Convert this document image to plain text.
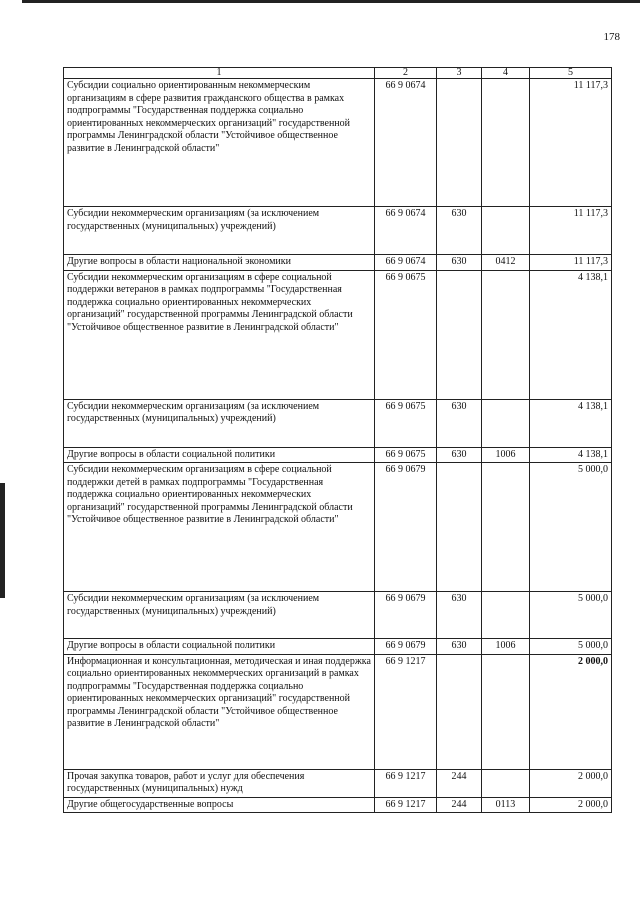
178
1	2	3	4	5
Субсидии социально ориентированным некоммерческим организациям в сфере развития гражданского общества в рамках подпрограммы "Государственная поддержка социально ориентированных некоммерческих организаций" государственной программы Ленинградской области "Устойчивое общественное развитие в Ленинградской области"	66 9 0674			11 117,3
Субсидии некоммерческим организациям (за исключением государственных (муниципальных) учреждений)	66 9 0674	630		11 117,3
Другие вопросы в области национальной экономики	66 9 0674	630	0412	11 117,3
Субсидии некоммерческим организациям в сфере социальной поддержки ветеранов в рамках подпрограммы "Государственная поддержка социально ориентированных некоммерческих организаций" государственной программы Ленинградской области "Устойчивое общественное развитие в Ленинградской области"	66 9 0675			4 138,1
Субсидии некоммерческим организациям (за исключением государственных (муниципальных) учреждений)	66 9 0675	630		4 138,1
Другие вопросы в области социальной политики	66 9 0675	630	1006	4 138,1
Субсидии некоммерческим организациям в сфере социальной поддержки детей в рамках подпрограммы "Государственная поддержка социально ориентированных некоммерческих организаций" государственной программы Ленинградской области "Устойчивое общественное развитие в Ленинградской области"	66 9 0679			5 000,0
Субсидии некоммерческим организациям (за исключением государственных (муниципальных) учреждений)	66 9 0679	630		5 000,0
Другие вопросы в области социальной политики	66 9 0679	630	1006	5 000,0
Информационная и консультационная, методическая и иная поддержка социально ориентированных некоммерческих организаций в рамках подпрограммы "Государственная поддержка социально ориентированных некоммерческих организаций" государственной программы Ленинградской области "Устойчивое общественное развитие в Ленинградской области"	66 9 1217			2 000,0
Прочая закупка товаров, работ и услуг для обеспечения государственных (муниципальных) нужд	66 9 1217	244		2 000,0
Другие общегосударственные вопросы	66 9 1217	244	0113	2 000,0
